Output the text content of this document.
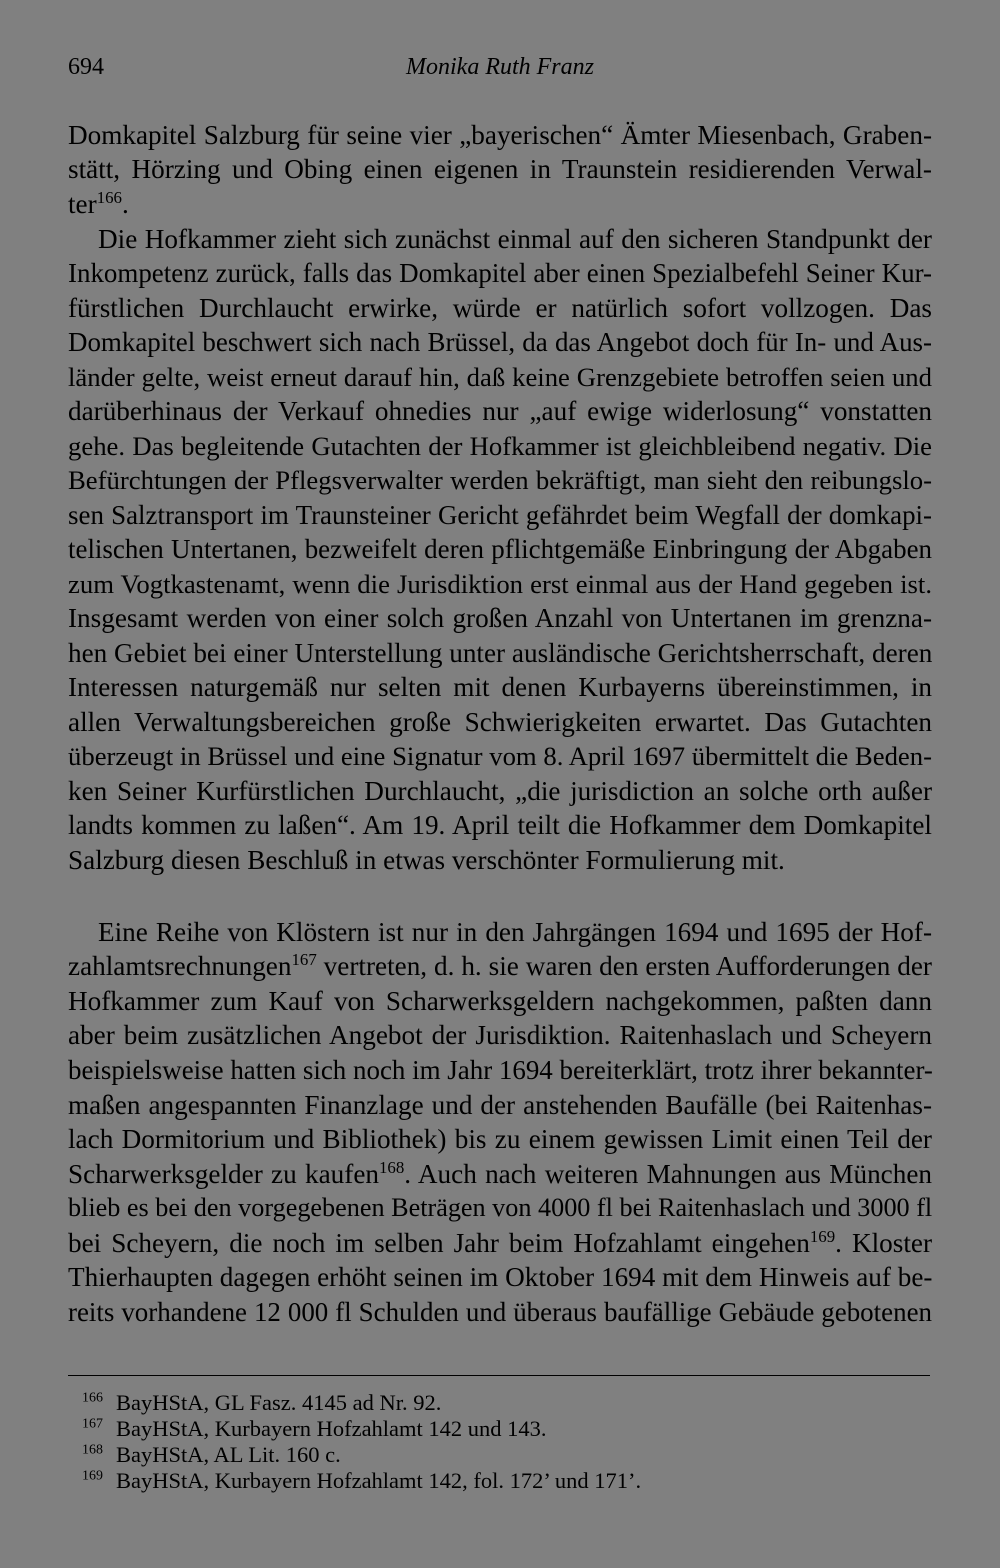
694	Monika Ruth Franz
Domkapitel Salzburg für seine vier „bayerischen“ Ämter Miesenbach, Graben-
stätt, Hörzing und Obing einen eigenen in Traunstein residierenden Verwal-
ter$^{166}$.
Die Hofkammer zieht sich zunächst einmal auf den sicheren Standpunkt der
Inkompetenz zurück, falls das Domkapitel aber einen Spezialbefehl Seiner Kur-
fürstlichen Durchlaucht erwirke, würde er natürlich sofort vollzogen. Das
Domkapitel beschwert sich nach Brüssel, da das Angebot doch für In- und Aus-
länder gelte, weist erneut darauf hin, daß keine Grenzgebiete betroffen seien und
darüberhinaus der Verkauf ohnedies nur „auf ewige widerlosung“ vonstatten
gehe. Das begleitende Gutachten der Hofkammer ist gleichbleibend negativ. Die
Befürchtungen der Pflegsverwalter werden bekräftigt, man sieht den reibungslo-
sen Salztransport im Traunsteiner Gericht gefährdet beim Wegfall der domkapi-
telischen Untertanen, bezweifelt deren pflichtgemäße Einbringung der Abgaben
zum Vogtkastenamt, wenn die Jurisdiktion erst einmal aus der Hand gegeben ist.
Insgesamt werden von einer solch großen Anzahl von Untertanen im grenzna-
hen Gebiet bei einer Unterstellung unter ausländische Gerichtsherrschaft, deren
Interessen naturgemäß nur selten mit denen Kurbayerns übereinstimmen, in
allen Verwaltungsbereichen große Schwierigkeiten erwartet. Das Gutachten
überzeugt in Brüssel und eine Signatur vom 8. April 1697 übermittelt die Beden-
ken Seiner Kurfürstlichen Durchlaucht, „die jurisdiction an solche orth außer
landts kommen zu laßen“. Am 19. April teilt die Hofkammer dem Domkapitel
Salzburg diesen Beschluß in etwas verschönter Formulierung mit.
Eine Reihe von Klöstern ist nur in den Jahrgängen 1694 und 1695 der Hof-
zahlamtsrechnungen$^{167}$ vertreten, d. h. sie waren den ersten Aufforderungen der
Hofkammer zum Kauf von Scharwerksgeldern nachgekommen, paßten dann
aber beim zusätzlichen Angebot der Jurisdiktion. Raitenhaslach und Scheyern
beispielsweise hatten sich noch im Jahr 1694 bereiterklärt, trotz ihrer bekannter-
maßen angespannten Finanzlage und der anstehenden Baufälle (bei Raitenhas-
lach Dormitorium und Bibliothek) bis zu einem gewissen Limit einen Teil der
Scharwerksgelder zu kaufen$^{168}$. Auch nach weiteren Mahnungen aus München
blieb es bei den vorgegebenen Beträgen von 4000 fl bei Raitenhaslach und 3000 fl
bei Scheyern, die noch im selben Jahr beim Hofzahlamt eingehen$^{169}$. Kloster
Thierhaupten dagegen erhöht seinen im Oktober 1694 mit dem Hinweis auf be-
reits vorhandene 12 000 fl Schulden und überaus baufällige Gebäude gebotenen
$^{166}$ BayHStA, GL Fasz. 4145 ad Nr. 92.
$^{167}$ BayHStA, Kurbayern Hofzahlamt 142 und 143.
$^{168}$ BayHStA, AL Lit. 160 c.
$^{169}$ BayHStA, Kurbayern Hofzahlamt 142, fol. 172’ und 171’.
